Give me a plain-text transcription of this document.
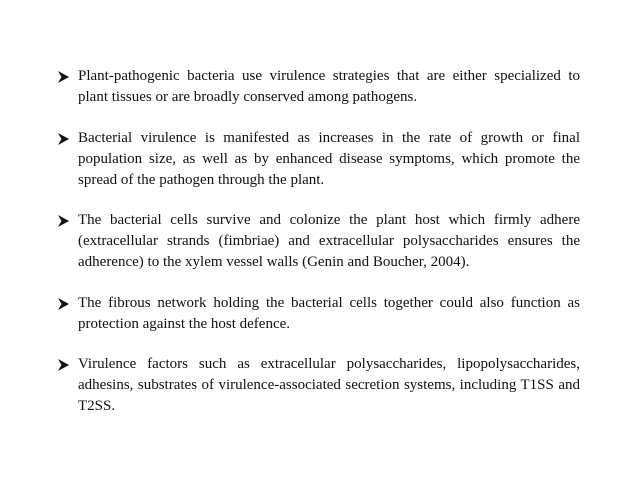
Plant-pathogenic bacteria use virulence strategies that are either specialized to plant tissues or are broadly conserved among pathogens.
Bacterial virulence is manifested as increases in the rate of growth or final population size, as well as by enhanced disease symptoms, which promote the spread of the pathogen through the plant.
The bacterial cells survive and colonize the plant host which firmly adhere (extracellular strands (fimbriae) and extracellular polysaccharides ensures the adherence) to the xylem vessel walls (Genin and Boucher, 2004).
The fibrous network holding the bacterial cells together could also function as protection against the host defence.
Virulence factors such as extracellular polysaccharides, lipopolysaccharides, adhesins, substrates of virulence-associated secretion systems, including T1SS and T2SS.
